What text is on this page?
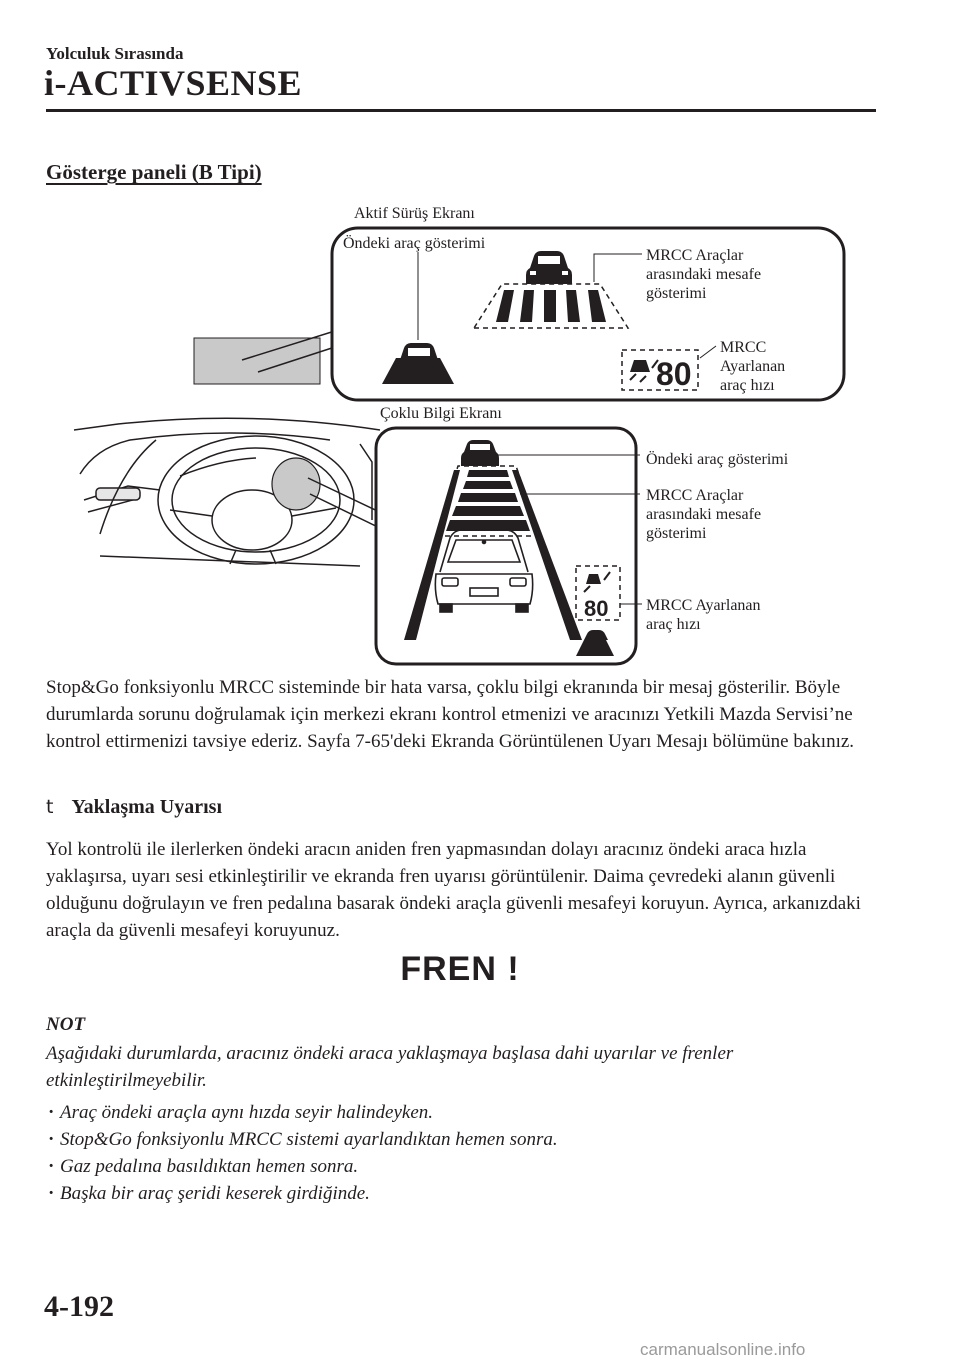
Yolculuk Sırasında
i-ACTIVSENSE
Gösterge paneli (B Tipi)
Aktif Sürüş Ekranı
80
Öndeki araç gösterimi
MRCC Araçlar
arasındaki mesafe
gösterimi
MRCC
Ayarlanan
araç hızı
Çoklu Bilgi Ekranı
80
Öndeki araç gösterimi
MRCC Araçlar
arasındaki mesafe
gösterimi
MRCC Ayarlanan
araç hızı

Stop&Go fonksiyonlu MRCC sisteminde bir hata varsa, çoklu bilgi ekranında bir mesaj gösterilir. Böyle durumlarda sorunu doğrulamak için merkezi ekranı kontrol etmenizi ve aracınızı Yetkili Mazda Servisi’ne kontrol ettirmenizi tavsiye ederiz. Sayfa 7-65'deki Ekranda Görüntülenen Uyarı Mesajı bölümüne bakınız.

t Yaklaşma Uyarısı

Yol kontrolü ile ilerlerken öndeki aracın aniden fren yapmasından dolayı aracınız öndeki araca hızla yaklaşırsa, uyarı sesi etkinleştirilir ve ekranda fren uyarısı görüntülenir. Daima çevredeki alanın güvenli olduğunu doğrulayın ve fren pedalına basarak öndeki araçla güvenli mesafeyi koruyun. Ayrıca, arkanızdaki araçla da güvenli mesafeyi koruyunuz.

FREN !
NOT

Aşağıdaki durumlarda, aracınız öndeki araca yaklaşmaya başlasa dahi uyarılar ve frenler etkinleştirilmeyebilir.

· Araç öndeki araçla aynı hızda seyir halindeyken.
· Stop&Go fonksiyonlu MRCC sistemi ayarlandıktan hemen sonra.
· Gaz pedalına basıldıktan hemen sonra.
· Başka bir araç şeridi keserek girdiğinde.
4-192
carmanualsonline.info
